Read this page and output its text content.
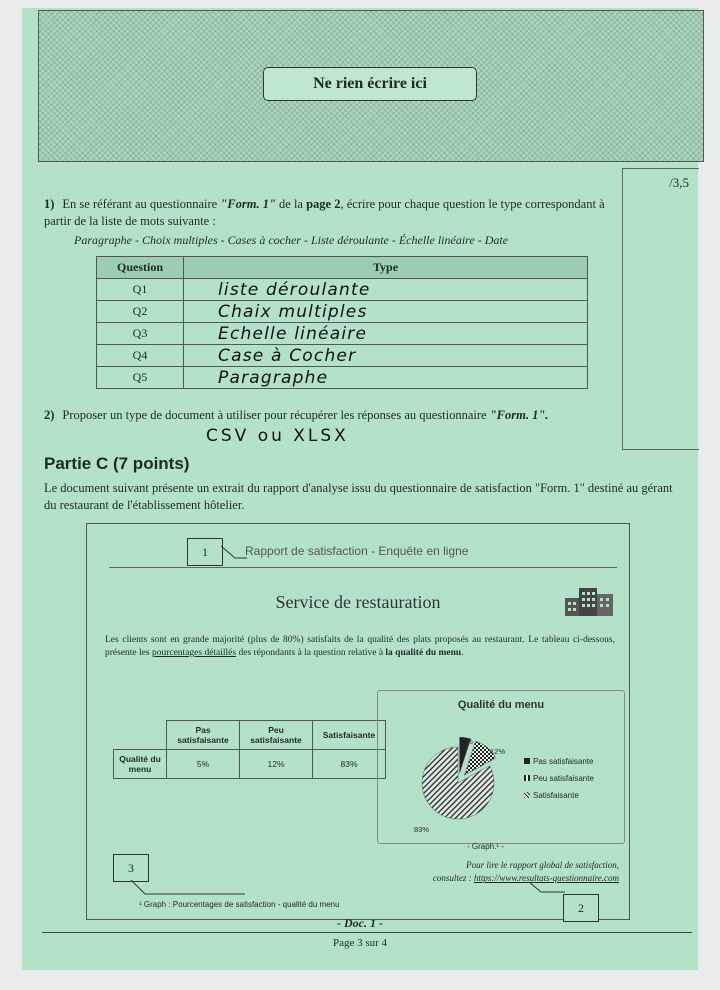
Ne rien écrire ici
/3,5
1) En se référant au questionnaire "Form. 1" de la page 2, écrire pour chaque question le type correspondant à partir de la liste de mots suivante :
Paragraphe - Choix multiples - Cases à cocher - Liste déroulante - Échelle linéaire - Date
Question	Type
Q1	liste déroulante
Q2	Chaix multiples
Q3	Echelle linéaire
Q4	Case à Cocher
Q5	Paragraphe
2) Proposer un type de document à utiliser pour récupérer les réponses au questionnaire "Form. 1".
CSV ou XLSX
Partie C (7 points)
Le document suivant présente un extrait du rapport d'analyse issu du questionnaire de satisfaction "Form. 1" destiné au gérant du restaurant de l'établissement hôtelier.
1	Rapport de satisfaction - Enquête en ligne
Service de restauration
Les clients sont en grande majorité (plus de 80%) satisfaits de la qualité des plats proposés au restaurant. Le tableau ci-dessous, présente les pourcentages détaillés des répondants à la question relative à la qualité du menu.
	Pas satisfaisante	Peu satisfaisante	Satisfaisante
Qualité du menu	5%	12%	83%
Qualité du menu
5%
12%
83%
Pas satisfaisante
Peu satisfaisante
Satisfaisante
- Graph.¹ -
Pour lire le rapport global de satisfaction,
consultez : https://www.resultats-questionnaire.com
2
3
¹ Graph : Pourcentages de satisfaction - qualité du menu
- Doc. 1 -
Page 3 sur 4
